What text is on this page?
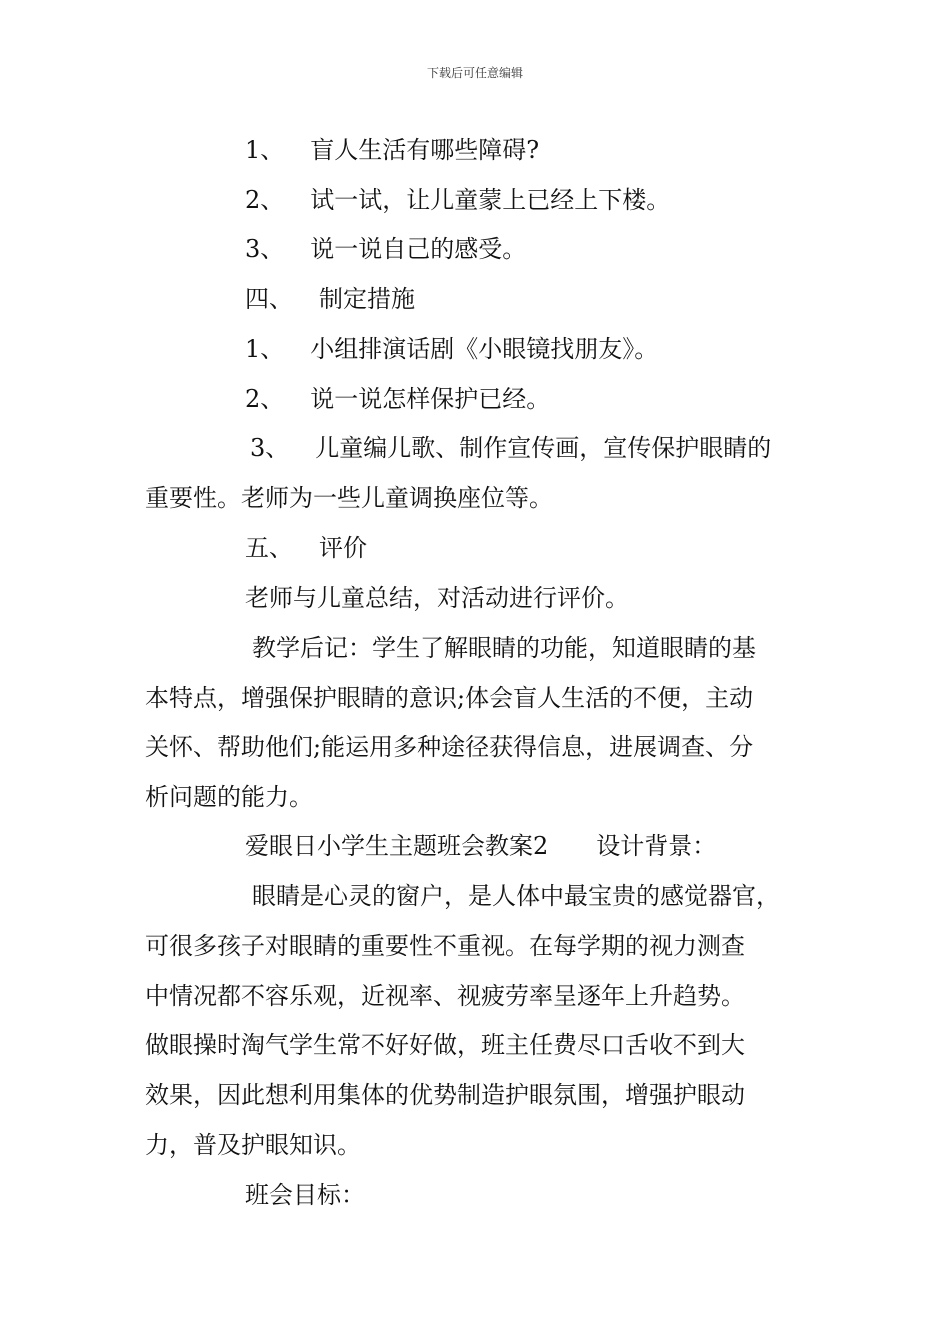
下载后可任意编辑
1、 盲人生活有哪些障碍?
2、 试一试，让儿童蒙上已经上下楼。
3、 说一说自己的感受。
四、 制定措施
1、 小组排演话剧《小眼镜找朋友》。
2、 说一说怎样保护已经。
3、 儿童编儿歌、制作宣传画，宣传保护眼睛的
重要性。老师为一些儿童调换座位等。
五、 评价
老师与儿童总结，对活动进行评价。
教学后记：学生了解眼睛的功能，知道眼睛的基
本特点，增强保护眼睛的意识;体会盲人生活的不便，主动
关怀、帮助他们;能运用多种途径获得信息，进展调查、分
析问题的能力。
爱眼日小学生主题班会教案2 设计背景：
眼睛是心灵的窗户，是人体中最宝贵的感觉器官，
可很多孩子对眼睛的重要性不重视。在每学期的视力测查
中情况都不容乐观，近视率、视疲劳率呈逐年上升趋势。
做眼操时淘气学生常不好好做，班主任费尽口舌收不到大
效果，因此想利用集体的优势制造护眼氛围，增强护眼动
力，普及护眼知识。
班会目标：
